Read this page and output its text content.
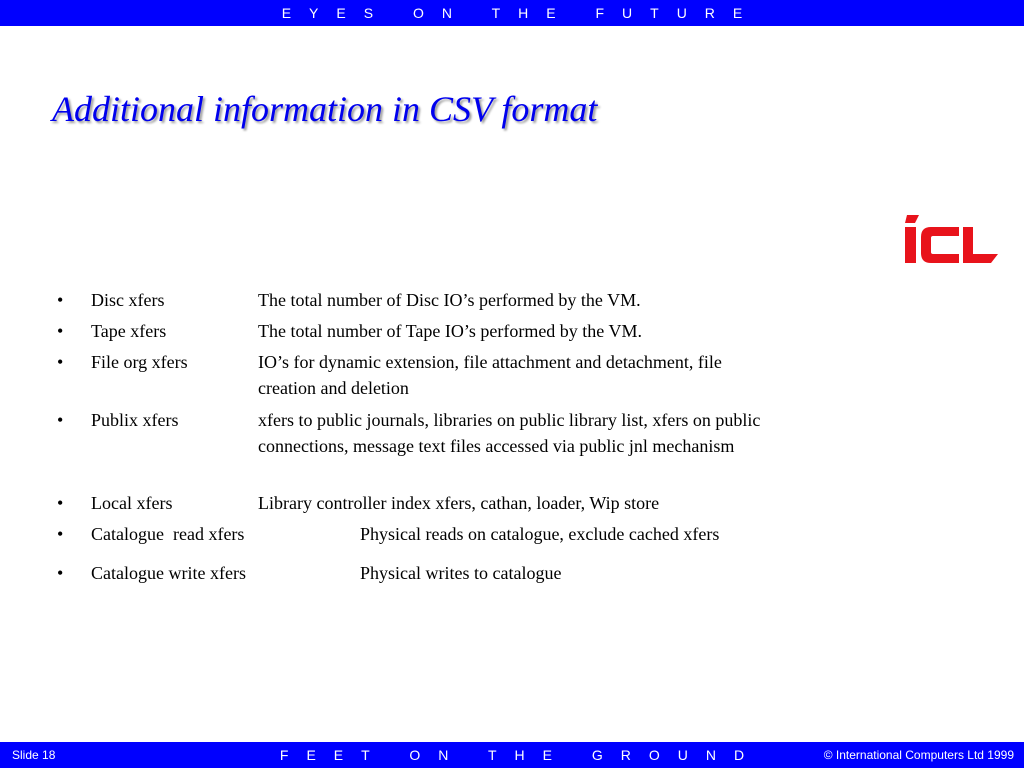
EYES ON THE FUTURE
Additional information in CSV format
• Disc xfers	The total number of Disc IO’s performed by the VM.
• Tape xfers	The total number of Tape IO’s performed by the VM.
• File org xfers	IO’s for dynamic extension, file attachment and detachment, file
creation and deletion
• Publix xfers	xfers to public journals, libraries on public library list, xfers on public
connections, message text files accessed via public jnl mechanism
• Local xfers	Library controller index xfers, cathan, loader, Wip store
• Catalogue  read xfers	Physical reads on catalogue, exclude cached xfers
• Catalogue write xfers	Physical writes to catalogue
Slide 18	FEET ON THE GROUND	© International Computers Ltd 1999
